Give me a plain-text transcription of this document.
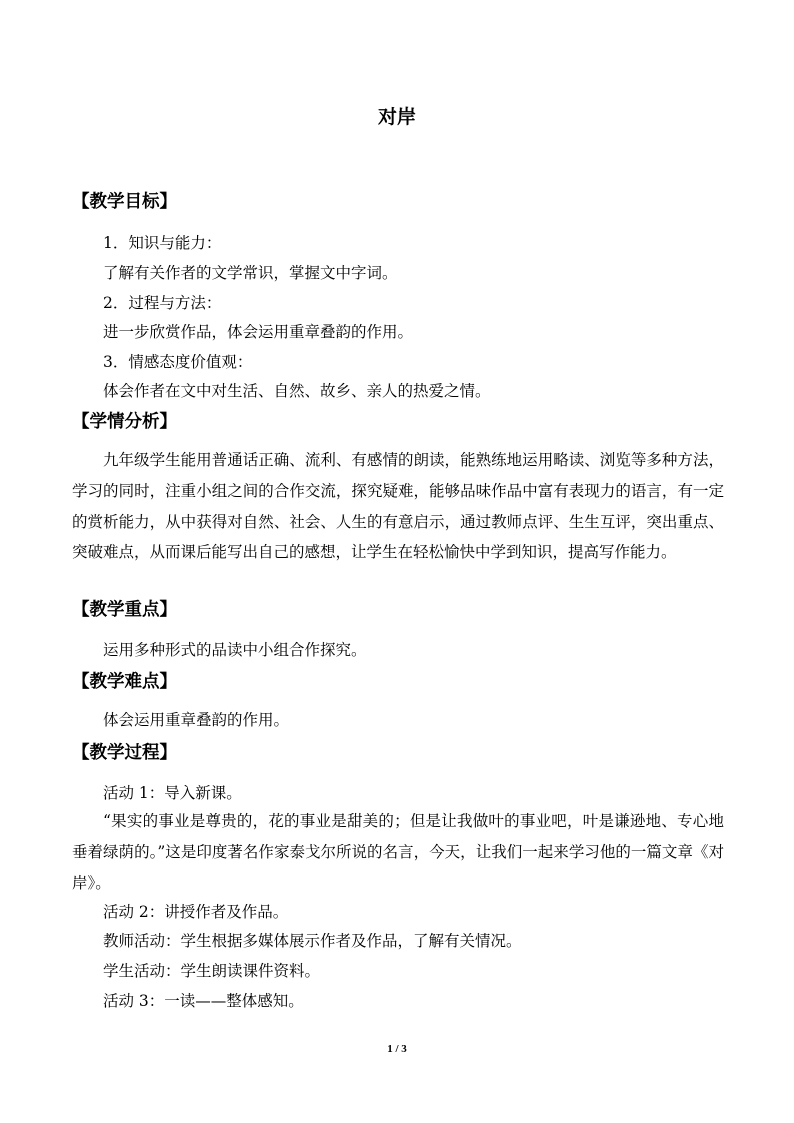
对岸
【教学目标】
1．知识与能力：
了解有关作者的文学常识，掌握文中字词。
2．过程与方法：
进一步欣赏作品，体会运用重章叠韵的作用。
3．情感态度价值观：
体会作者在文中对生活、自然、故乡、亲人的热爱之情。
【学情分析】
九年级学生能用普通话正确、流利、有感情的朗读，能熟练地运用略读、浏览等多种方法，学习的同时，注重小组之间的合作交流，探究疑难，能够品味作品中富有表现力的语言，有一定的赏析能力，从中获得对自然、社会、人生的有意启示，通过教师点评、生生互评，突出重点、突破难点，从而课后能写出自己的感想，让学生在轻松愉快中学到知识，提高写作能力。
【教学重点】
运用多种形式的品读中小组合作探究。
【教学难点】
体会运用重章叠韵的作用。
【教学过程】
活动 1：导入新课。
“果实的事业是尊贵的，花的事业是甜美的；但是让我做叶的事业吧，叶是谦逊地、专心地垂着绿荫的。”这是印度著名作家泰戈尔所说的名言，今天，让我们一起来学习他的一篇文章《对岸》。
活动 2：讲授作者及作品。
教师活动：学生根据多媒体展示作者及作品，了解有关情况。
学生活动：学生朗读课件资料。
活动 3：一读——整体感知。
1 / 3
